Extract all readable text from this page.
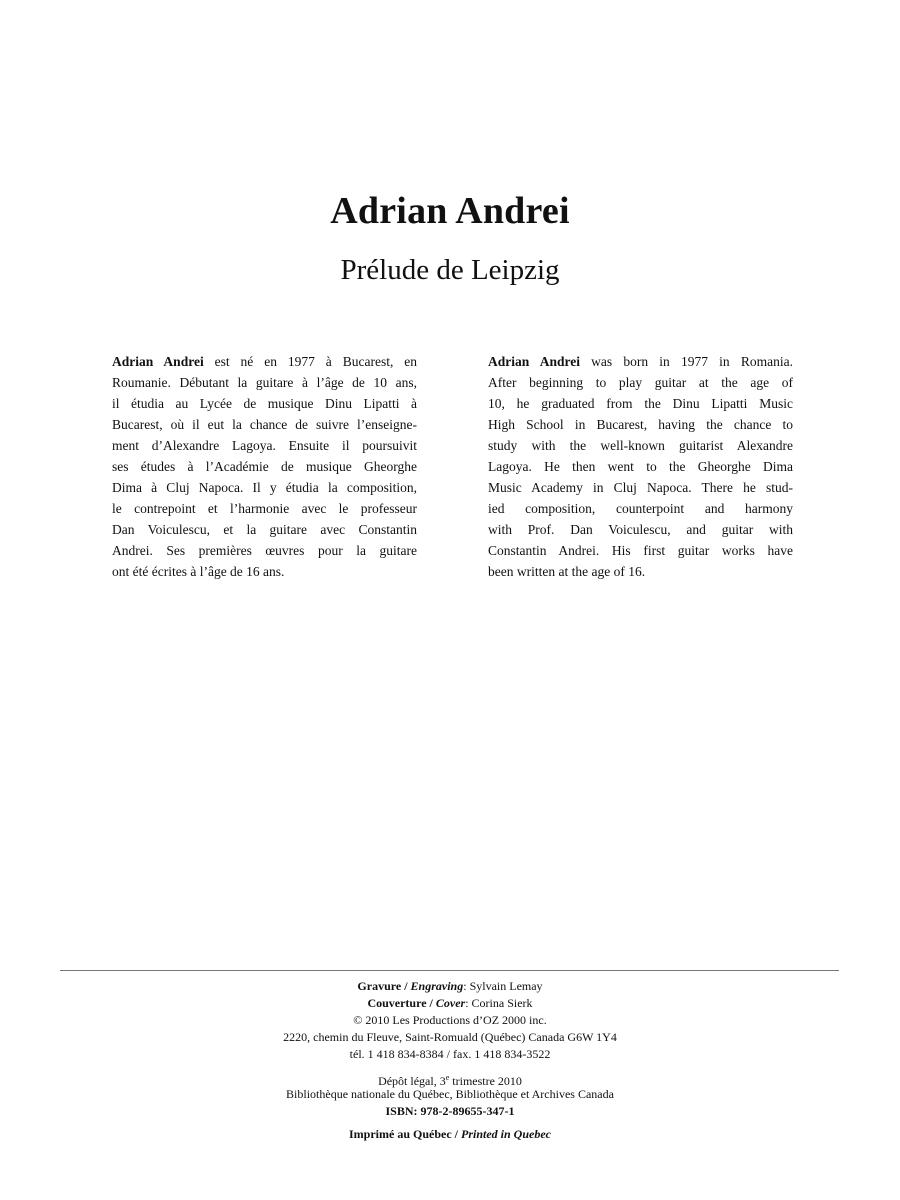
Adrian Andrei
Prélude de Leipzig
Adrian Andrei est né en 1977 à Bucarest, en
Roumanie. Débutant la guitare à l’âge de 10 ans,
il étudia au Lycée de musique Dinu Lipatti à
Bucarest, où il eut la chance de suivre l’enseigne-
ment d’Alexandre Lagoya. Ensuite il poursuivit
ses études à l’Académie de musique Gheorghe
Dima à Cluj Napoca. Il y étudia la composition,
le contrepoint et l’harmonie avec le professeur
Dan Voiculescu, et la guitare avec Constantin
Andrei. Ses premières œuvres pour la guitare
ont été écrites à l’âge de 16 ans.
Adrian Andrei was born in 1977 in Romania.
After beginning to play guitar at the age of
10, he graduated from the Dinu Lipatti Music
High School in Bucarest, having the chance to
study with the well-known guitarist Alexandre
Lagoya. He then went to the Gheorghe Dima
Music Academy in Cluj Napoca. There he stud-
ied composition, counterpoint and harmony
with Prof. Dan Voiculescu, and guitar with
Constantin Andrei. His first guitar works have
been written at the age of 16.
Gravure / Engraving: Sylvain Lemay
Couverture / Cover: Corina Sierk
© 2010 Les Productions d’OZ 2000 inc.
2220, chemin du Fleuve, Saint-Romuald (Québec) Canada G6W 1Y4
tél. 1 418 834-8384 / fax. 1 418 834-3522
Dépôt légal, 3e trimestre 2010
Bibliothèque nationale du Québec, Bibliothèque et Archives Canada
ISBN: 978-2-89655-347-1
Imprimé au Québec / Printed in Quebec
